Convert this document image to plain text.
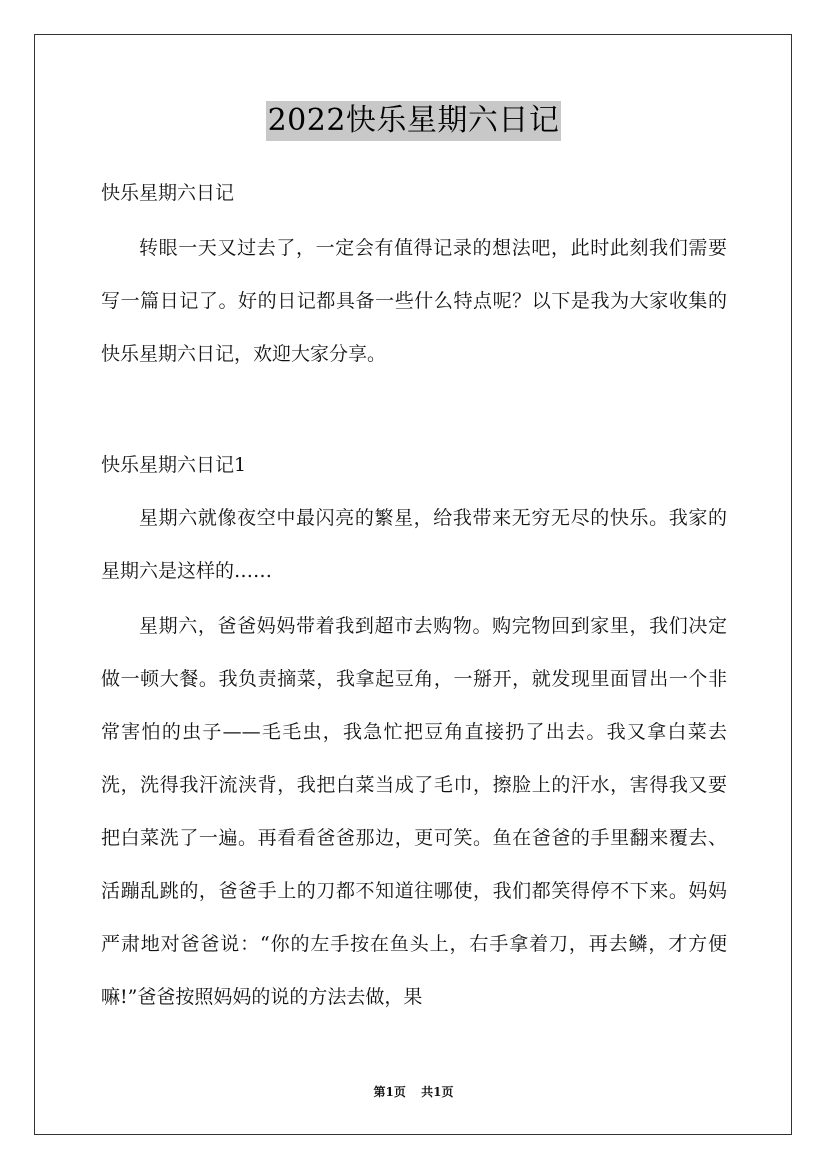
2022快乐星期六日记
快乐星期六日记
转眼一天又过去了，一定会有值得记录的想法吧，此时此刻我们需要写一篇日记了。好的日记都具备一些什么特点呢？以下是我为大家收集的快乐星期六日记，欢迎大家分享。
快乐星期六日记1
星期六就像夜空中最闪亮的繁星，给我带来无穷无尽的快乐。我家的星期六是这样的……
星期六，爸爸妈妈带着我到超市去购物。购完物回到家里，我们决定做一顿大餐。我负责摘菜，我拿起豆角，一掰开，就发现里面冒出一个非常害怕的虫子——毛毛虫，我急忙把豆角直接扔了出去。我又拿白菜去洗，洗得我汗流浃背，我把白菜当成了毛巾，擦脸上的汗水，害得我又要把白菜洗了一遍。再看看爸爸那边，更可笑。鱼在爸爸的手里翻来覆去、活蹦乱跳的，爸爸手上的刀都不知道往哪使，我们都笑得停不下来。妈妈严肃地对爸爸说：“你的左手按在鱼头上，右手拿着刀，再去鳞，才方便嘛!”爸爸按照妈妈的说的方法去做，果
第1页 共1页
